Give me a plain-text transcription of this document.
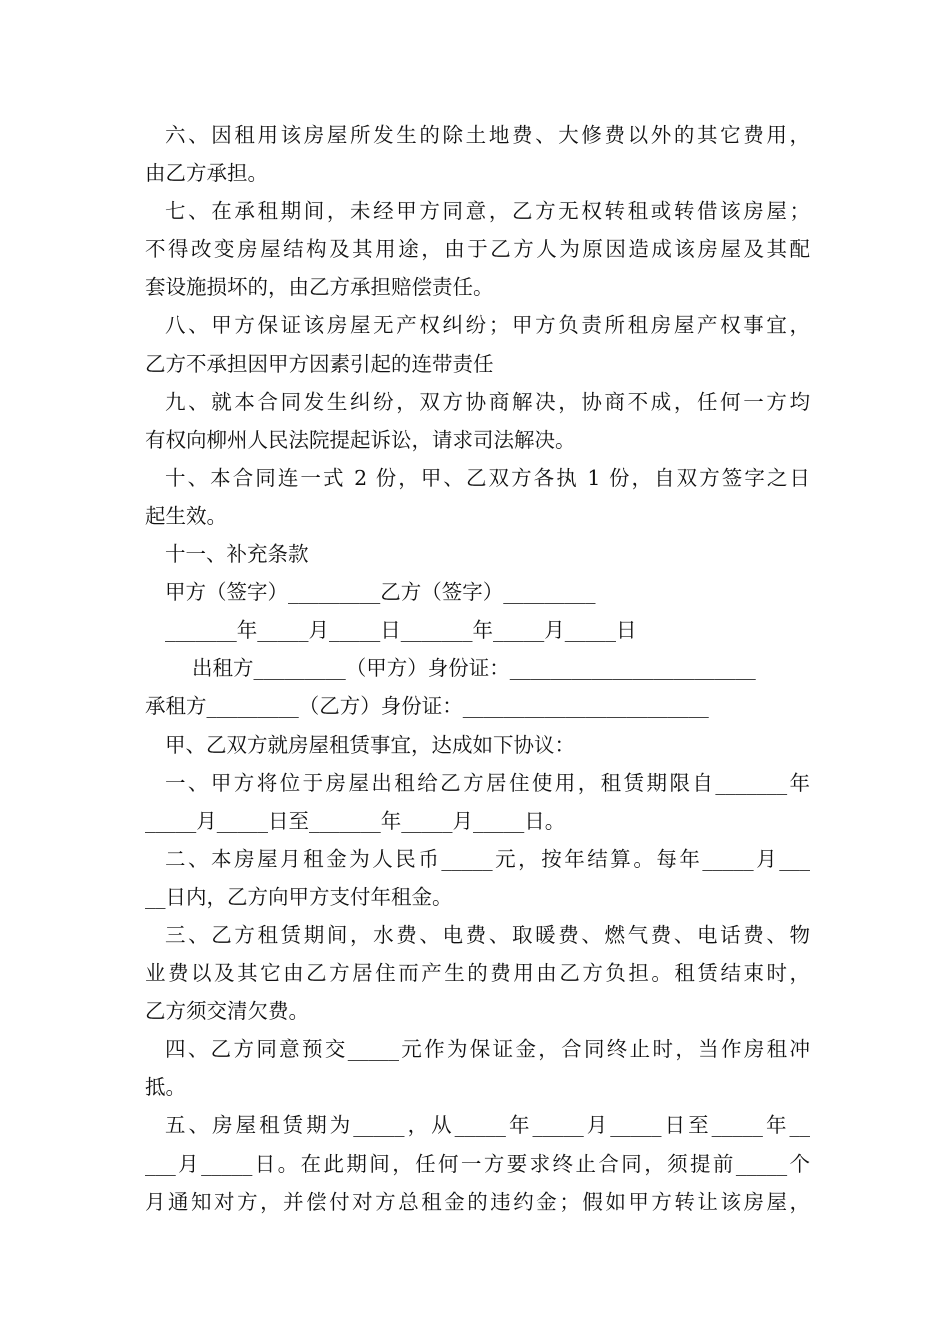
六、因租用该房屋所发生的除土地费、大修费以外的其它费用，
由乙方承担。
七、在承租期间，未经甲方同意，乙方无权转租或转借该房屋；
不得改变房屋结构及其用途，由于乙方人为原因造成该房屋及其配
套设施损坏的，由乙方承担赔偿责任。
八、甲方保证该房屋无产权纠纷；甲方负责所租房屋产权事宜，
乙方不承担因甲方因素引起的连带责任
九、就本合同发生纠纷，双方协商解决，协商不成，任何一方均
有权向柳州人民法院提起诉讼，请求司法解决。
十、本合同连一式 2 份，甲、乙双方各执 1 份，自双方签字之日
起生效。
十一、补充条款
甲方（签字）_________乙方（签字）_________
_______年_____月_____日_______年_____月_____日
出租方_________（甲方）身份证：________________________
承租方_________（乙方）身份证：________________________
甲、乙双方就房屋租赁事宜，达成如下协议：
一、甲方将位于房屋出租给乙方居住使用，租赁期限自_______年
_____月_____日至_______年_____月_____日。
二、本房屋月租金为人民币_____元，按年结算。每年_____月___
__日内，乙方向甲方支付年租金。
三、乙方租赁期间，水费、电费、取暖费、燃气费、电话费、物
业费以及其它由乙方居住而产生的费用由乙方负担。租赁结束时，
乙方须交清欠费。
四、乙方同意预交_____元作为保证金，合同终止时，当作房租冲
抵。
五、房屋租赁期为_____，从_____年_____月_____日至_____年__
___月_____日。在此期间，任何一方要求终止合同，须提前_____个
月通知对方，并偿付对方总租金的违约金；假如甲方转让该房屋，
